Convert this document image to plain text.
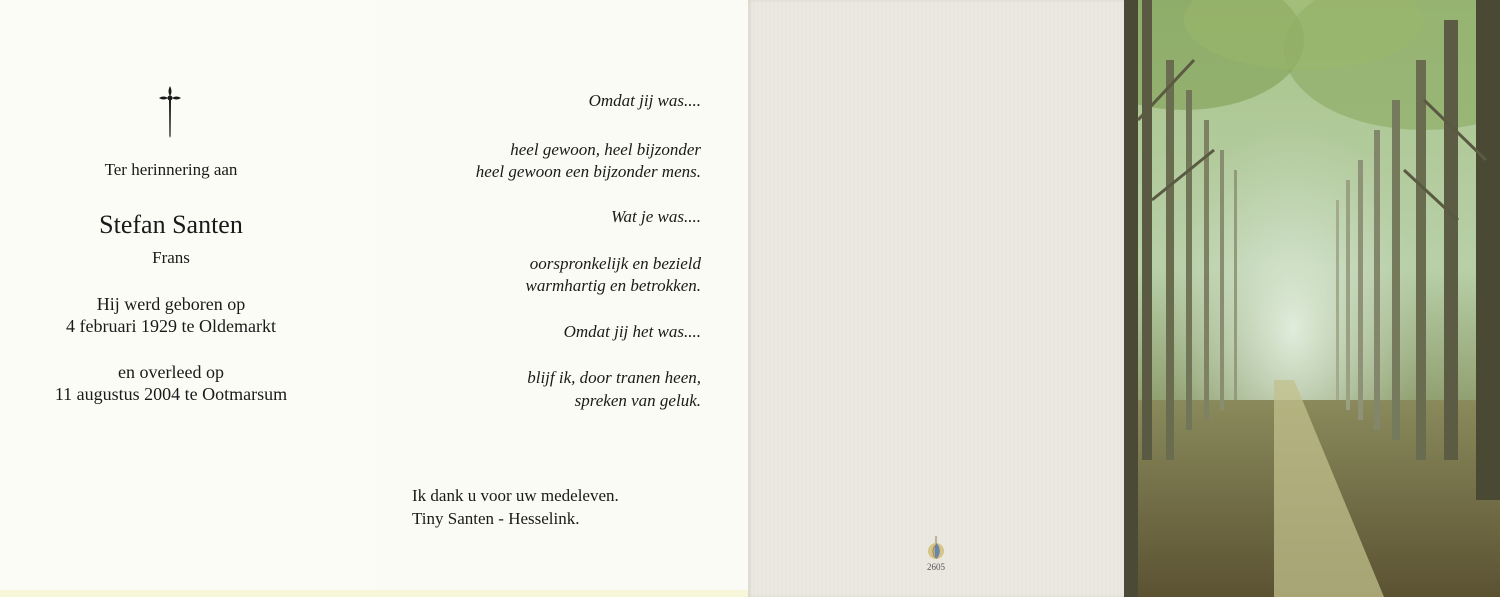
Ter herinnering aan
Stefan Santen
Frans
Hij werd geboren op
4 februari 1929 te Oldemarkt
en overleed op
11 augustus 2004 te Ootmarsum
Omdat jij was....
heel gewoon, heel bijzonder
heel gewoon een bijzonder mens.
Wat je was....
oorspronkelijk en bezield
warmhartig en betrokken.
Omdat jij het was....
blijf ik, door tranen heen,
spreken van geluk.
Ik dank u voor uw medeleven.
Tiny Santen - Hesselink.
2605
